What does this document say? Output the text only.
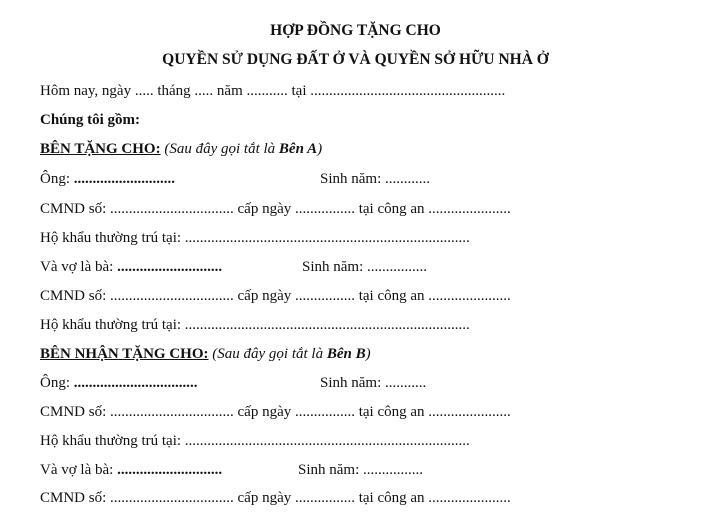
HỢP ĐỒNG TẶNG CHO
QUYỀN SỬ DỤNG ĐẤT Ở VÀ QUYỀN SỞ HỮU NHÀ Ở
Hôm nay, ngày ..... tháng ..... năm ........... tại ....................................................
Chúng tôi gồm:
BÊN TẶNG CHO: (Sau đây gọi tắt là Bên A)
Ông: ...........................	Sinh năm: ............
CMND số: ................................. cấp ngày ................ tại công an ......................
Hộ khẩu thường trú tại: ............................................................................
Và vợ là bà: ............................	Sinh năm: ................
CMND số: ................................. cấp ngày ................ tại công an ......................
Hộ khẩu thường trú tại: ............................................................................
BÊN NHẬN TẶNG CHO: (Sau đây gọi tắt là Bên B)
Ông: .................................	Sinh năm: ...........
CMND số: ................................. cấp ngày ................ tại công an ......................
Hộ khẩu thường trú tại: ............................................................................
Và vợ là bà: ............................	Sinh năm: ................
CMND số: ................................. cấp ngày ................ tại công an ......................
